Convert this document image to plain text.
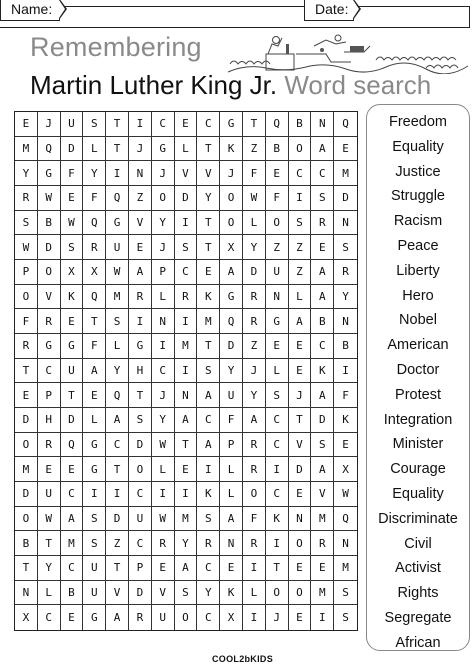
Name:	Date:
Remembering
Martin Luther King Jr. Word search
E	J	U	S	T	I	C	E	C	G	T	Q	B	N	Q
M	Q	D	L	T	J	G	L	T	K	Z	B	O	A	E
Y	G	F	Y	I	N	J	V	V	J	F	E	C	C	M
R	W	E	F	Q	Z	O	D	Y	O	W	F	I	S	D
S	B	W	Q	G	V	Y	I	T	O	L	O	S	R	N
W	D	S	R	U	E	J	S	T	X	Y	Z	Z	E	S
P	O	X	X	W	A	P	C	E	A	D	U	Z	A	R
O	V	K	Q	M	R	L	R	K	G	R	N	L	A	Y
F	R	E	T	S	I	N	I	M	Q	R	G	A	B	N
R	G	G	F	L	G	I	M	T	D	Z	E	E	C	B
T	C	U	A	Y	H	C	I	S	Y	J	L	E	K	I
E	P	T	E	Q	T	J	N	A	U	Y	S	J	A	F
D	H	D	L	A	S	Y	A	C	F	A	C	T	D	K
O	R	Q	G	C	D	W	T	A	P	R	C	V	S	E
M	E	E	G	T	O	L	E	I	L	R	I	D	A	X
D	U	C	I	I	C	I	I	K	L	O	C	E	V	W
O	W	A	S	D	U	W	M	S	A	F	K	N	M	Q
B	T	M	S	Z	C	R	Y	R	N	R	I	O	R	N
T	Y	C	U	T	P	E	A	C	E	I	T	E	E	M
N	L	B	U	V	D	V	S	Y	K	L	O	O	M	S
X	C	E	G	A	R	U	O	C	X	I	J	E	I	S
Freedom
Equality
Justice
Struggle
Racism
Peace
Liberty
Hero
Nobel
American
Doctor
Protest
Integration
Minister
Courage
Equality
Discriminate
Civil
Activist
Rights
Segregate
African
COOL2bKIDS
